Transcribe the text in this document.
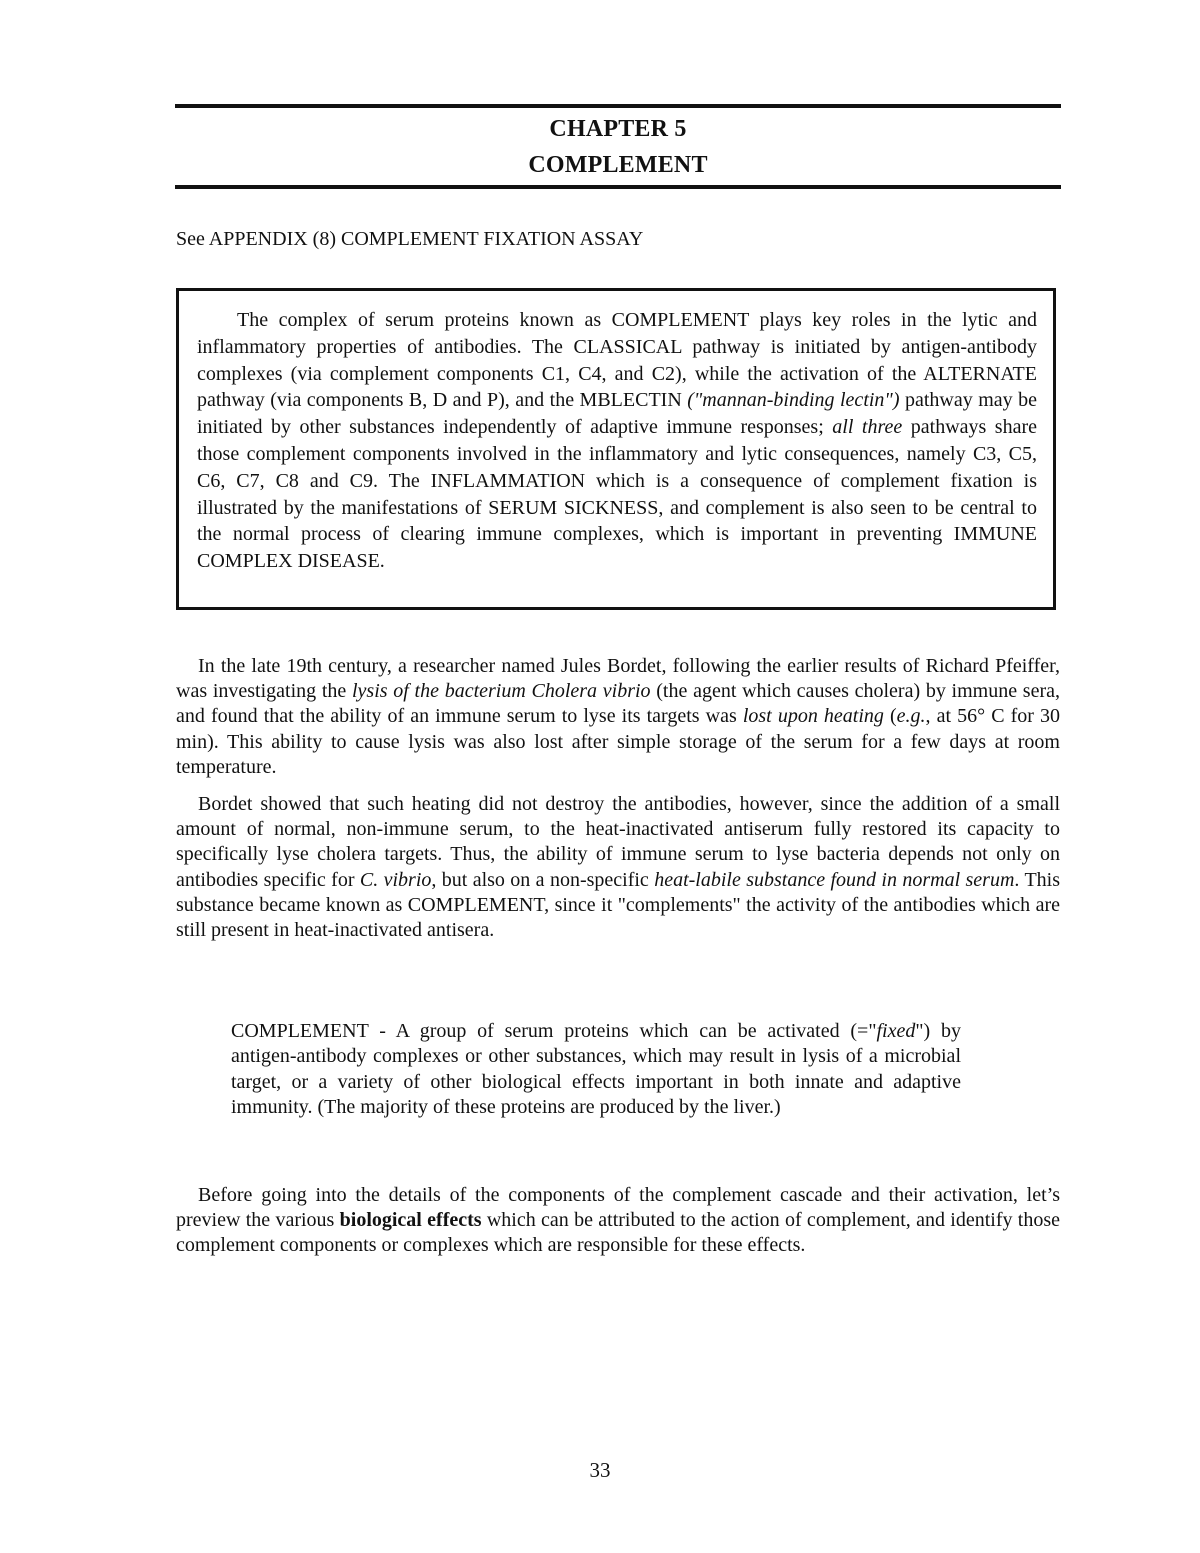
CHAPTER 5
COMPLEMENT
See APPENDIX (8) COMPLEMENT FIXATION ASSAY

The complex of serum proteins known as COMPLEMENT plays key roles in the lytic and inflammatory properties of antibodies. The CLASSICAL pathway is initiated by antigen-antibody complexes (via complement components C1, C4, and C2), while the activation of the ALTERNATE pathway (via components B, D and P), and the MBLECTIN ("mannan-binding lectin") pathway may be initiated by other substances independently of adaptive immune responses; all three pathways share those complement components involved in the inflammatory and lytic consequences, namely C3, C5, C6, C7, C8 and C9. The INFLAMMATION which is a consequence of complement fixation is illustrated by the manifestations of SERUM SICKNESS, and complement is also seen to be central to the normal process of clearing immune complexes, which is important in preventing IMMUNE COMPLEX DISEASE.

In the late 19th century, a researcher named Jules Bordet, following the earlier results of Richard Pfeiffer, was investigating the lysis of the bacterium Cholera vibrio (the agent which causes cholera) by immune sera, and found that the ability of an immune serum to lyse its targets was lost upon heating (e.g., at 56° C for 30 min). This ability to cause lysis was also lost after simple storage of the serum for a few days at room temperature.

Bordet showed that such heating did not destroy the antibodies, however, since the addition of a small amount of normal, non-immune serum, to the heat-inactivated antiserum fully restored its capacity to specifically lyse cholera targets. Thus, the ability of immune serum to lyse bacteria depends not only on antibodies specific for C. vibrio, but also on a non-specific heat-labile substance found in normal serum. This substance became known as COMPLEMENT, since it "complements" the activity of the antibodies which are still present in heat-inactivated antisera.

COMPLEMENT - A group of serum proteins which can be activated (="fixed") by antigen-antibody complexes or other substances, which may result in lysis of a microbial target, or a variety of other biological effects important in both innate and adaptive immunity. (The majority of these proteins are produced by the liver.)

Before going into the details of the components of the complement cascade and their activation, let’s preview the various biological effects which can be attributed to the action of complement, and identify those complement components or complexes which are responsible for these effects.

33
